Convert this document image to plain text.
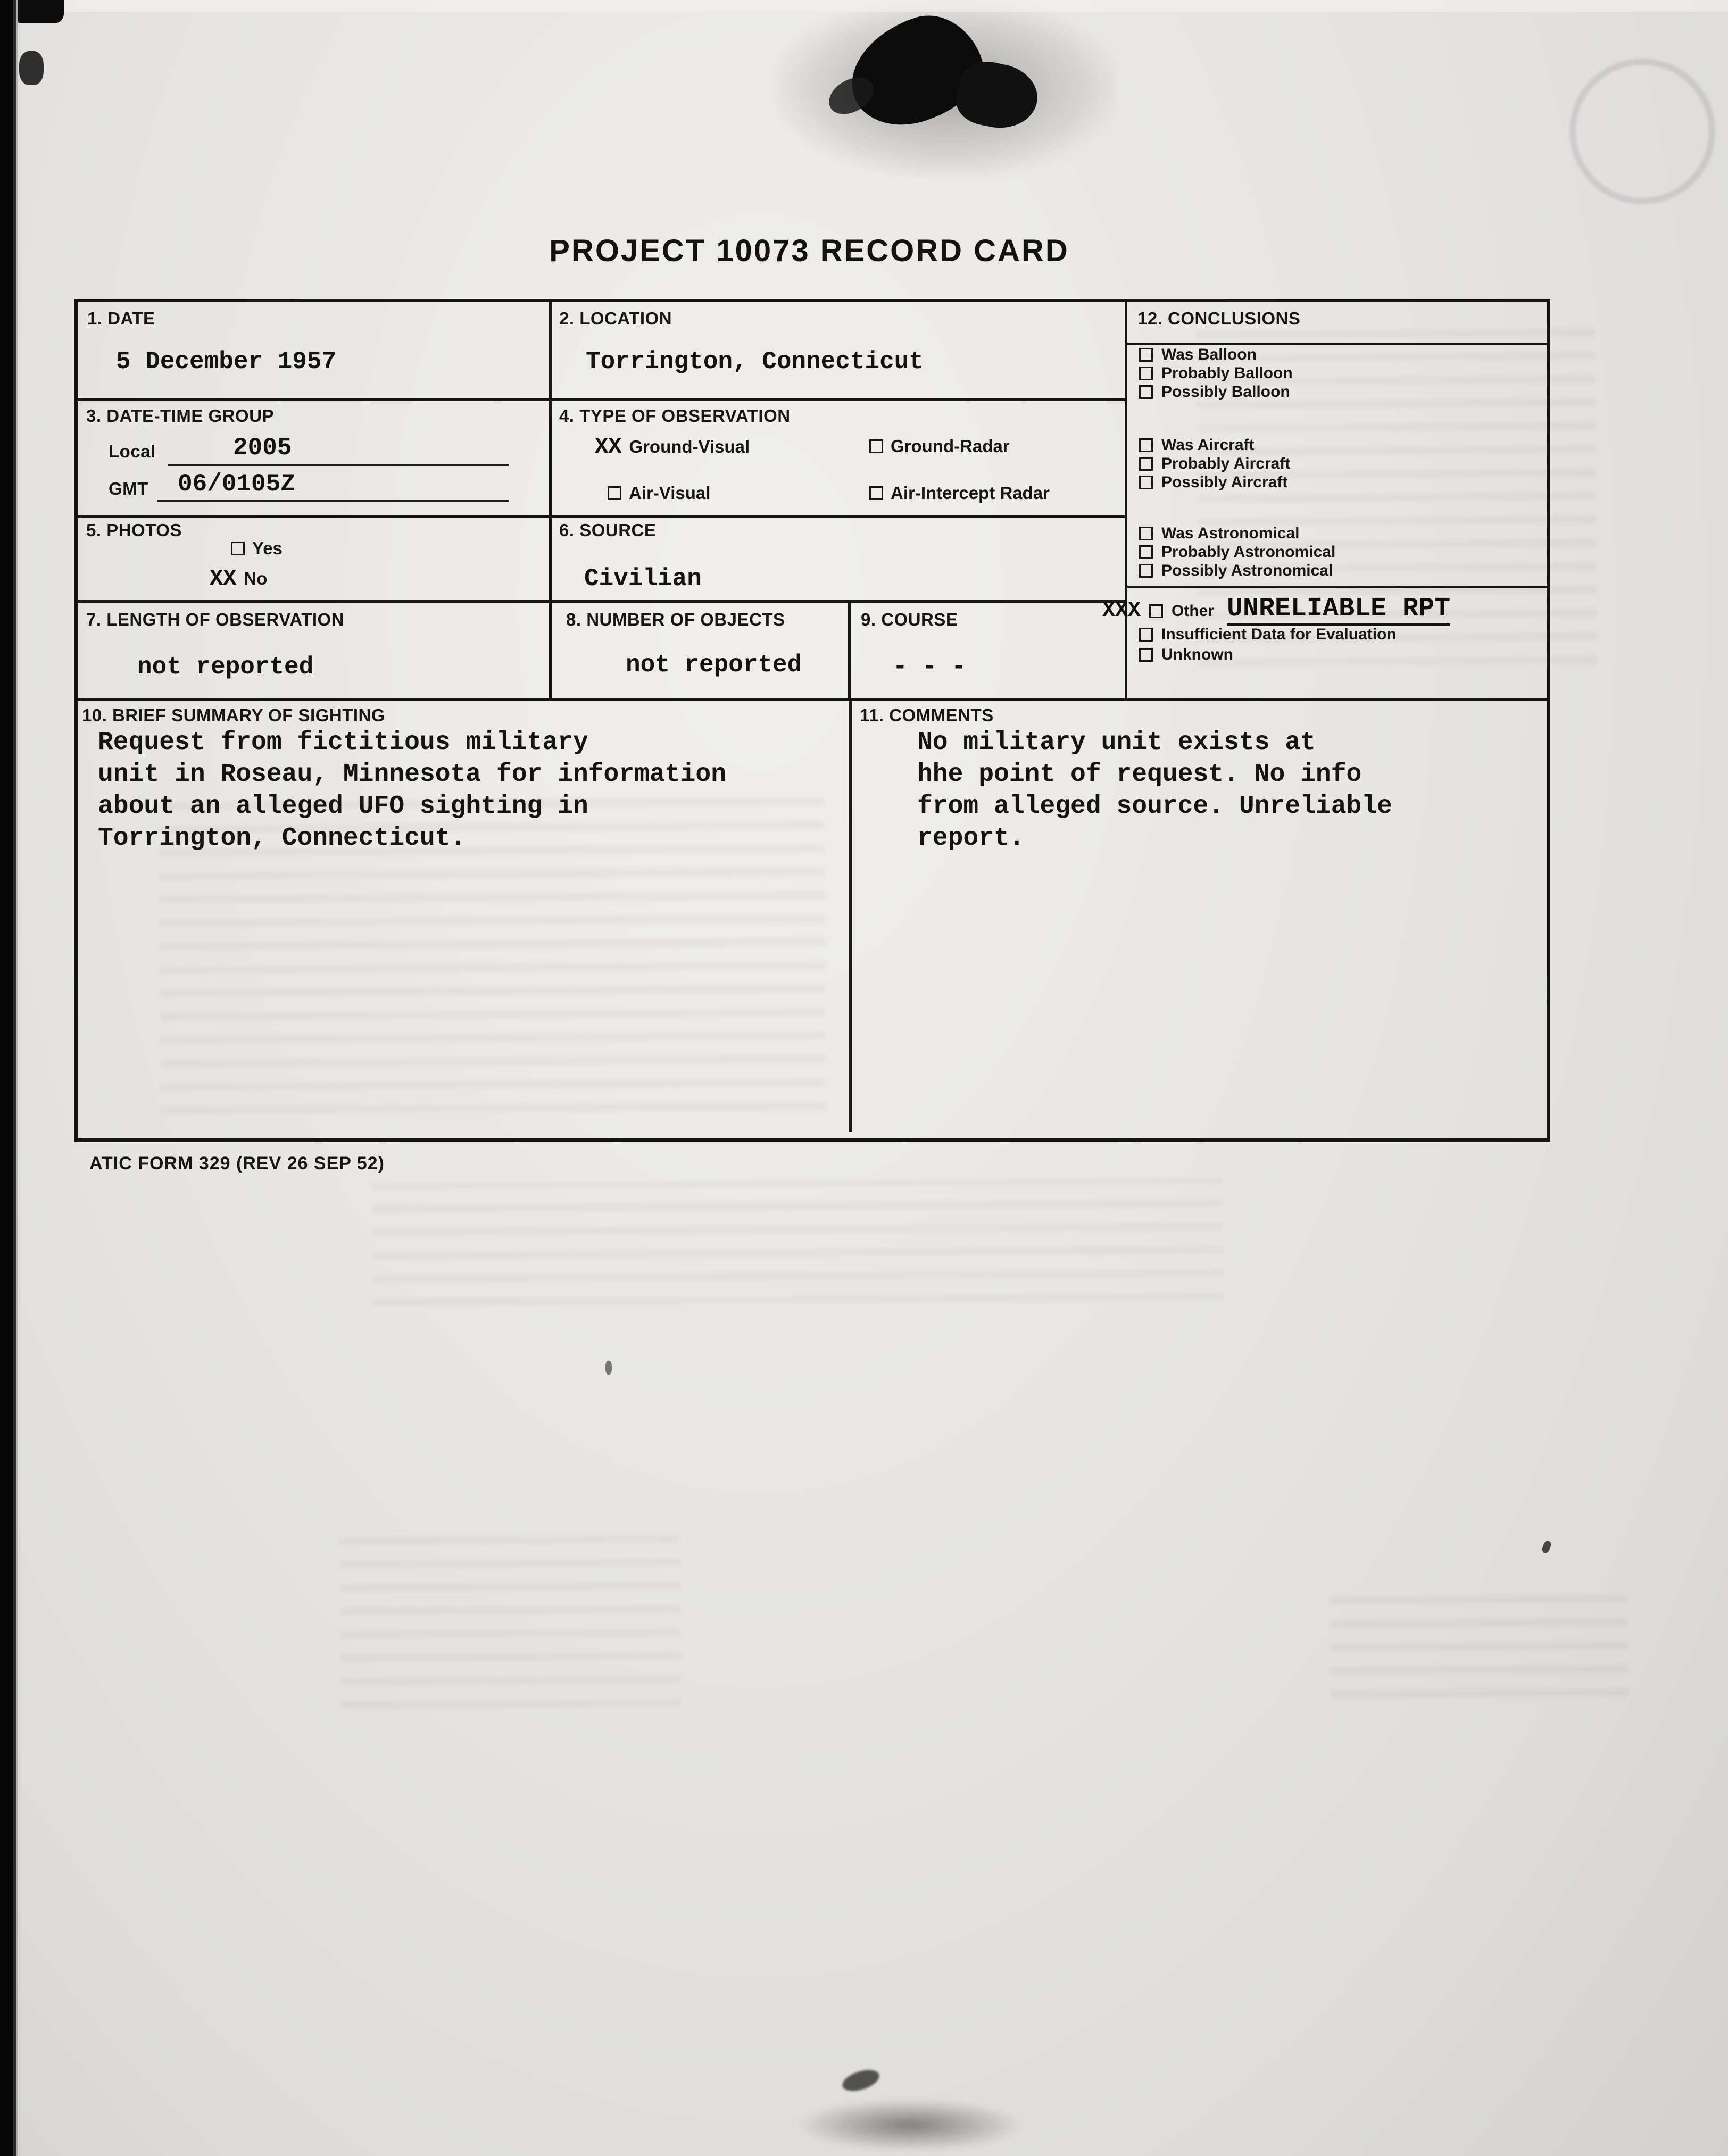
PROJECT 10073 RECORD CARD
1. DATE
5 December 1957
2. LOCATION
Torrington, Connecticut
3. DATE-TIME GROUP
Local	2005
GMT 06/0105Z
4. TYPE OF OBSERVATION
XX Ground-Visual	Ground-Radar
Air-Visual	Air-Intercept Radar
5. PHOTOS
Yes
XX No
6. SOURCE
Civilian
7. LENGTH OF OBSERVATION
not reported
8. NUMBER OF OBJECTS
not reported
9. COURSE
- - -
10. BRIEF SUMMARY OF SIGHTING
Request from fictitious military
unit in Roseau, Minnesota for information
about an alleged UFO sighting in
Torrington, Connecticut.
11. COMMENTS
No military unit exists at
hhe point of request. No info
from alleged source. Unreliable
report.
12. CONCLUSIONS
Was Balloon
Probably Balloon
Possibly Balloon
Was Aircraft
Probably Aircraft
Possibly Aircraft
Was Astronomical
Probably Astronomical
Possibly Astronomical
XXX Other UNRELIABLE RPT
Insufficient Data for Evaluation
Unknown
ATIC FORM 329 (REV 26 SEP 52)
